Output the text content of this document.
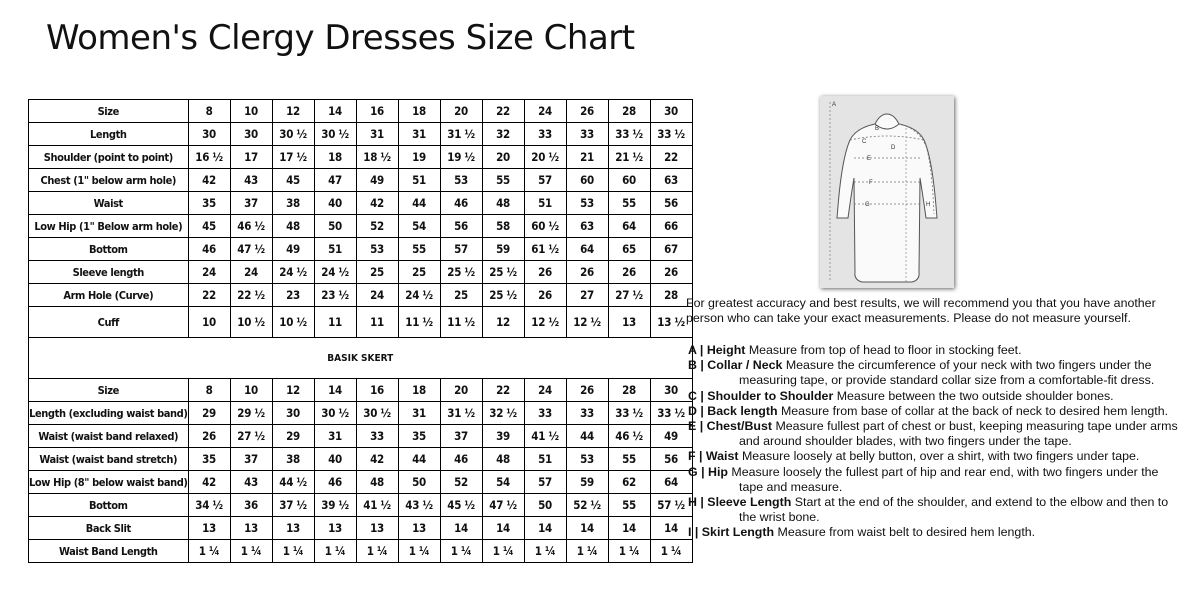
Women's Clergy Dresses Size Chart
Size	8	10	12	14	16	18	20	22	24	26	28	30
Length	30	30	30 ½	30 ½	31	31	31 ½	32	33	33	33 ½	33 ½
Shoulder (point to point)	16 ½	17	17 ½	18	18 ½	19	19 ½	20	20 ½	21	21 ½	22
Chest (1" below arm hole)	42	43	45	47	49	51	53	55	57	60	60	63
Waist	35	37	38	40	42	44	46	48	51	53	55	56
Low Hip (1" Below arm hole)	45	46 ½	48	50	52	54	56	58	60 ½	63	64	66
Bottom	46	47 ½	49	51	53	55	57	59	61 ½	64	65	67
Sleeve length	24	24	24 ½	24 ½	25	25	25 ½	25 ½	26	26	26	26
Arm Hole (Curve)	22	22 ½	23	23 ½	24	24 ½	25	25 ½	26	27	27 ½	28
Cuff	10	10 ½	10 ½	11	11	11 ½	11 ½	12	12 ½	12 ½	13	13 ½
BASIK SKERT												
Size	8	10	12	14	16	18	20	22	24	26	28	30
Length (excluding waist band)	29	29 ½	30	30 ½	30 ½	31	31 ½	32 ½	33	33	33 ½	33 ½
Waist (waist band relaxed)	26	27 ½	29	31	33	35	37	39	41 ½	44	46 ½	49
Waist (waist band stretch)	35	37	38	40	42	44	46	48	51	53	55	56
Low Hip (8" below waist band)	42	43	44 ½	46	48	50	52	54	57	59	62	64
Bottom	34 ½	36	37 ½	39 ½	41 ½	43 ½	45 ½	47 ½	50	52 ½	55	57 ½
Back Slit	13	13	13	13	13	13	14	14	14	14	14	14
Waist Band Length	1 ¼	1 ¼	1 ¼	1 ¼	1 ¼	1 ¼	1 ¼	1 ¼	1 ¼	1 ¼	1 ¼	1 ¼
A
B
C
D
E
F
G	H

For greatest accuracy and best results, we will recommend you that you have another person who can take your exact measurements. Please do not measure yourself.

A | Height Measure from top of head to floor in stocking feet.

B | Collar / Neck Measure the circumference of your neck with two fingers under the measuring tape, or provide standard collar size from a comfortable-fit dress.

C | Shoulder to Shoulder Measure between the two outside shoulder bones.

D | Back length Measure from base of collar at the back of neck to desired hem length.

E | Chest/Bust Measure fullest part of chest or bust, keeping measuring tape under arms and around shoulder blades, with two fingers under the tape.

F | Waist Measure loosely at belly button, over a shirt, with two fingers under tape.

G | Hip Measure loosely the fullest part of hip and rear end, with two fingers under the tape and measure.

H | Sleeve Length Start at the end of the shoulder, and extend to the elbow and then to the wrist bone.

I | Skirt Length Measure from waist belt to desired hem length.
